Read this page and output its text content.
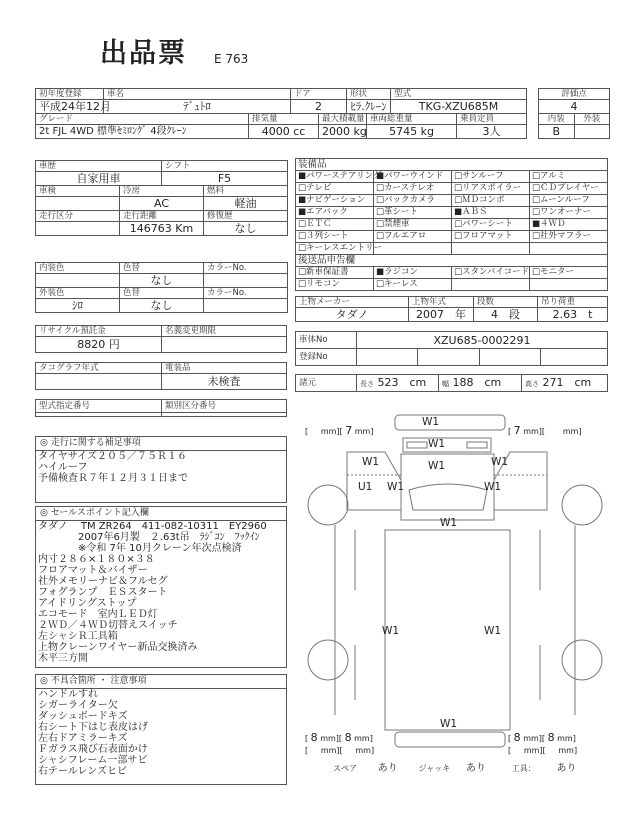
出品票 E 763
初年度登録	車名		ドア		形状		型式	
平成24年12月	ﾃﾞｭﾄﾛ		2		ﾋﾗ.ｸﾚｰﾝ		TKG-XZU685M	
グレード		排気量		最大積載量		車両総重量		乗員定員
2t FJL 4WD 標準ｾﾐﾛﾝｸﾞ 4段ｸﾚｰﾝ		4000 cc		2000 kg		5745 kg		3人
評価点	
4	
内装	外装
B	
車歴		シフト	
自家用車		F5	
車検	冷房		燃料
	AC		軽油
走行区分	走行距離		修復歴
	146763 Km		なし
内装色	色替	カラーNo.
	なし	
外装色	色替	カラーNo.
ｼﾛ	なし	
リサイクル預託金	名義変更期限
8820 円	
タコグラフ年式	電装品
	未検査
型式指定番号	類別区分番号

◎ 走行に関する補足事項
タイヤサイズ２０５／７５Ｒ１６
ハイルーフ
予備検査Ｒ７年１２月３１日まで
◎ セールスポイント記入欄
タダノ　 TM ZR264　411-082-10311　EY2960
　　　　2007年6月製　２.63t吊　ﾗｼﾞｺﾝ　ﾌｯｸｲﾝ
　　　　※令和 7年 10月クレーン年次点検済
内寸２８６×１８０×３８
フロアマット＆バイザー
社外メモリーナビ＆フルセグ
フォグランプ　ＥＳスタート
アイドリングストップ
エコモード　室内ＬＥＤ灯
２ＷＤ／４ＷＤ切替えスイッチ
左シャシＲ工具箱
上物クレーンワイヤー新品交換済み
木平三方開
◎ 不具合箇所 ・ 注意事項
ハンドルすれ
シガーライター欠
ダッシュボードキズ
右シート下はじ表皮はげ
左右ドアミラーキズ
Ｆガラス飛び石表面かけ
シャシフレーム一部サビ
右テールレンズヒビ
装備品			
■パワーステアリング	■パワーウインド	□サンルーフ	□アルミ
□テレビ	□カーステレオ	□リアスポイラー	□ＣＤプレイヤー
■ナビゲーション	□バックカメラ	□ＭＤコンポ	□ムーンルーフ
■エアバック	□革シート	■ＡＢＳ	□ワンオーナー
□ＥＴＣ	□禁煙車	□パワーシート	■４ＷＤ
□３列シート	□フルエアロ	□フロアマット	□社外マフラー
□キーレスエントリー			
後送品申告欄			
□新車保証書	■ラジコン	□スタンバイコード	□モニター
□リモコン	□キーレス		
上物メーカー	上物年式	段数	吊り荷重
タダノ	2007　年	4　段	2.63　t
車体No	XZU685-0002291			
登録No				
諸元	長さ 523　cm	幅 188　cm	高さ 271　cm
[     mm][ 7 mm]	[ 7 mm][       mm]
[ 8 mm][ 8 mm]
[     mm][     mm]
[ 8 mm][ 8 mm]
[     mm][     mm]
W1
W1
W1	W1	W1
U1 W1	W1
W1
W1	W1
W1
スペア あり	ジャッキ あり	工具： あり
